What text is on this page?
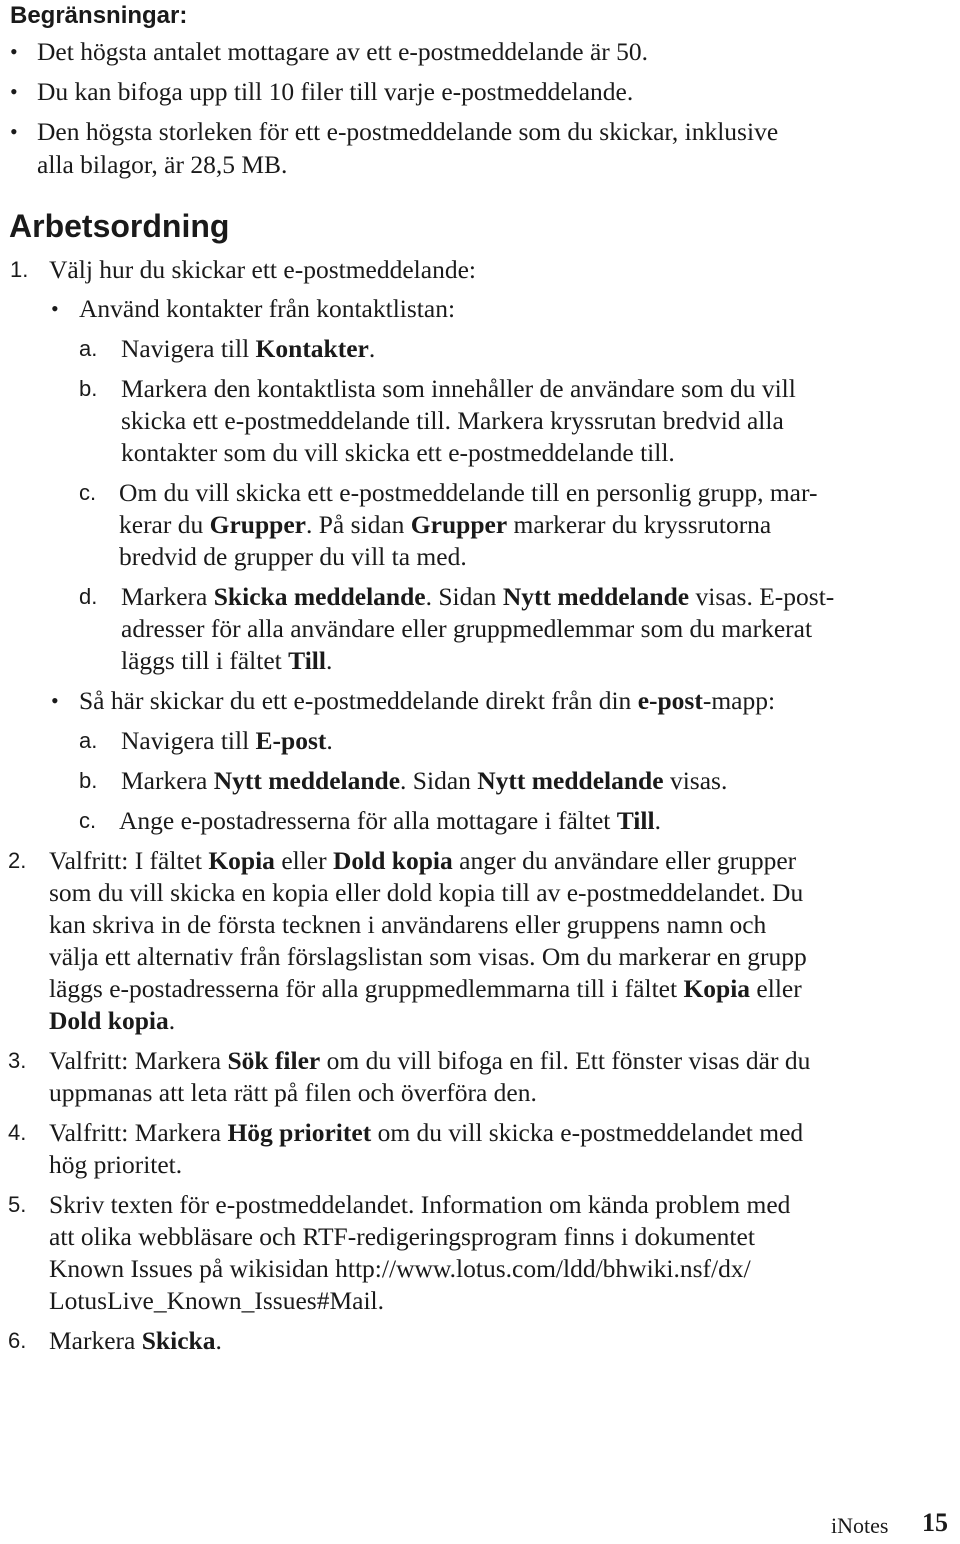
Begränsningar:
• Det högsta antalet mottagare av ett e-postmeddelande är 50.
• Du kan bifoga upp till 10 filer till varje e-postmeddelande.
• Den högsta storleken för ett e-postmeddelande som du skickar, inklusive
alla bilagor, är 28,5 MB.
Arbetsordning
1. Välj hur du skickar ett e-postmeddelande:
• Använd kontakter från kontaktlistan:
a. Navigera till Kontakter.
b. Markera den kontaktlista som innehåller de användare som du vill
skicka ett e-postmeddelande till. Markera kryssrutan bredvid alla
kontakter som du vill skicka ett e-postmeddelande till.
c. Om du vill skicka ett e-postmeddelande till en personlig grupp, mar-
kerar du Grupper. På sidan Grupper markerar du kryssrutorna
bredvid de grupper du vill ta med.
d. Markera Skicka meddelande. Sidan Nytt meddelande visas. E-post-
adresser för alla användare eller gruppmedlemmar som du markerat
läggs till i fältet Till.
• Så här skickar du ett e-postmeddelande direkt från din e-post-mapp:
a. Navigera till E-post.
b. Markera Nytt meddelande. Sidan Nytt meddelande visas.
c. Ange e-postadresserna för alla mottagare i fältet Till.
2. Valfritt: I fältet Kopia eller Dold kopia anger du användare eller grupper
som du vill skicka en kopia eller dold kopia till av e-postmeddelandet. Du
kan skriva in de första tecknen i användarens eller gruppens namn och
välja ett alternativ från förslagslistan som visas. Om du markerar en grupp
läggs e-postadresserna för alla gruppmedlemmarna till i fältet Kopia eller
Dold kopia.
3. Valfritt: Markera Sök filer om du vill bifoga en fil. Ett fönster visas där du
uppmanas att leta rätt på filen och överföra den.
4. Valfritt: Markera Hög prioritet om du vill skicka e-postmeddelandet med
hög prioritet.
5. Skriv texten för e-postmeddelandet. Information om kända problem med
att olika webbläsare och RTF-redigeringsprogram finns i dokumentet
Known Issues på wikisidan http://www.lotus.com/ldd/bhwiki.nsf/dx/
LotusLive_Known_Issues#Mail.
6. Markera Skicka.
iNotes 15
